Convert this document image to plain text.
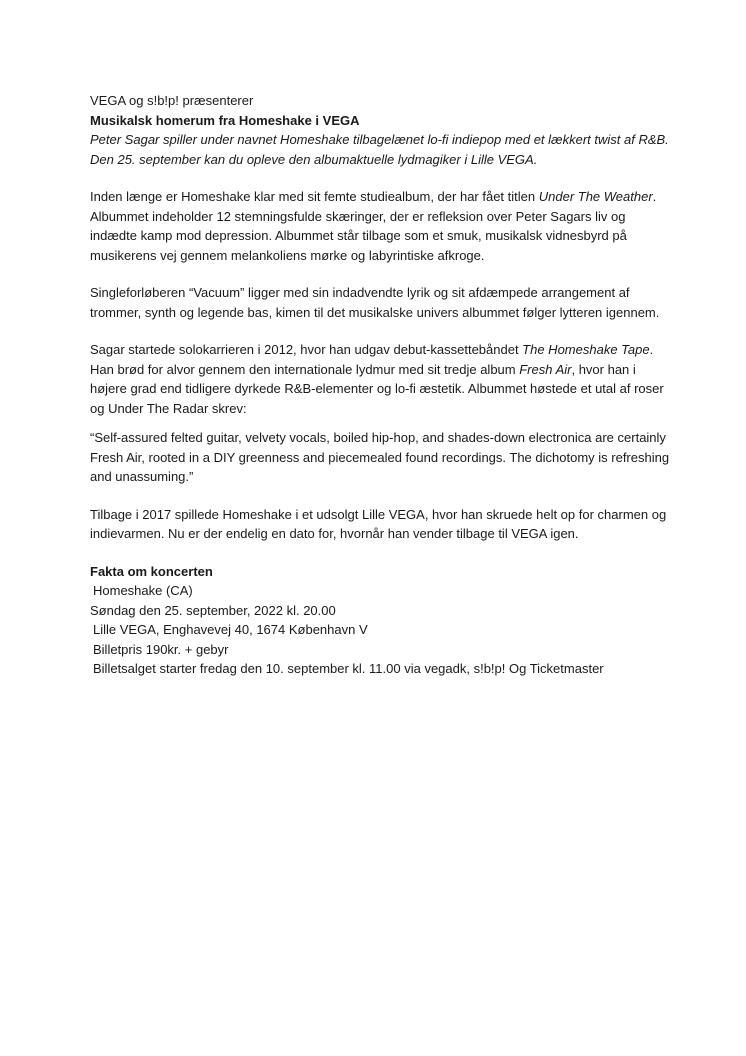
VEGA og s!b!p! præsenterer

Musikalsk homerum fra Homeshake i VEGA

Peter Sagar spiller under navnet Homeshake tilbagelænet lo-fi indiepop med et lækkert twist af R&B. Den 25. september kan du opleve den albumaktuelle lydmagiker i Lille VEGA.

Inden længe er Homeshake klar med sit femte studiealbum, der har fået titlen Under The Weather.

Albummet indeholder 12 stemningsfulde skæringer, der er refleksion over Peter Sagars liv og indædte kamp mod depression. Albummet står tilbage som et smuk, musikalsk vidnesbyrd på musikerens vej gennem melankoliens mørke og labyrintiske afkroge.

Singleforløberen “Vacuum” ligger med sin indadvendte lyrik og sit afdæmpede arrangement af trommer, synth og legende bas, kimen til det musikalske univers albummet følger lytteren igennem.

Sagar startede solokarrieren i 2012, hvor han udgav debut-kassettebåndet The Homeshake Tape. Han brød for alvor gennem den internationale lydmur med sit tredje album Fresh Air, hvor han i højere grad end tidligere dyrkede R&B-elementer og lo-fi æstetik. Albummet høstede et utal af roser og Under The Radar skrev:

“Self-assured felted guitar, velvety vocals, boiled hip-hop, and shades-down electronica are certainly Fresh Air, rooted in a DIY greenness and piecemealed found recordings. The dichotomy is refreshing and unassuming.”

Tilbage i 2017 spillede Homeshake i et udsolgt Lille VEGA, hvor han skruede helt op for charmen og indievarmen. Nu er der endelig en dato for, hvornår han vender tilbage til VEGA igen.

Fakta om koncerten

Homeshake (CA)

Søndag den 25. september, 2022 kl. 20.00

Lille VEGA, Enghavevej 40, 1674 København V

Billetpris 190kr. + gebyr

Billetsalget starter fredag den 10. september kl. 11.00 via vegadk, s!b!p! Og Ticketmaster
